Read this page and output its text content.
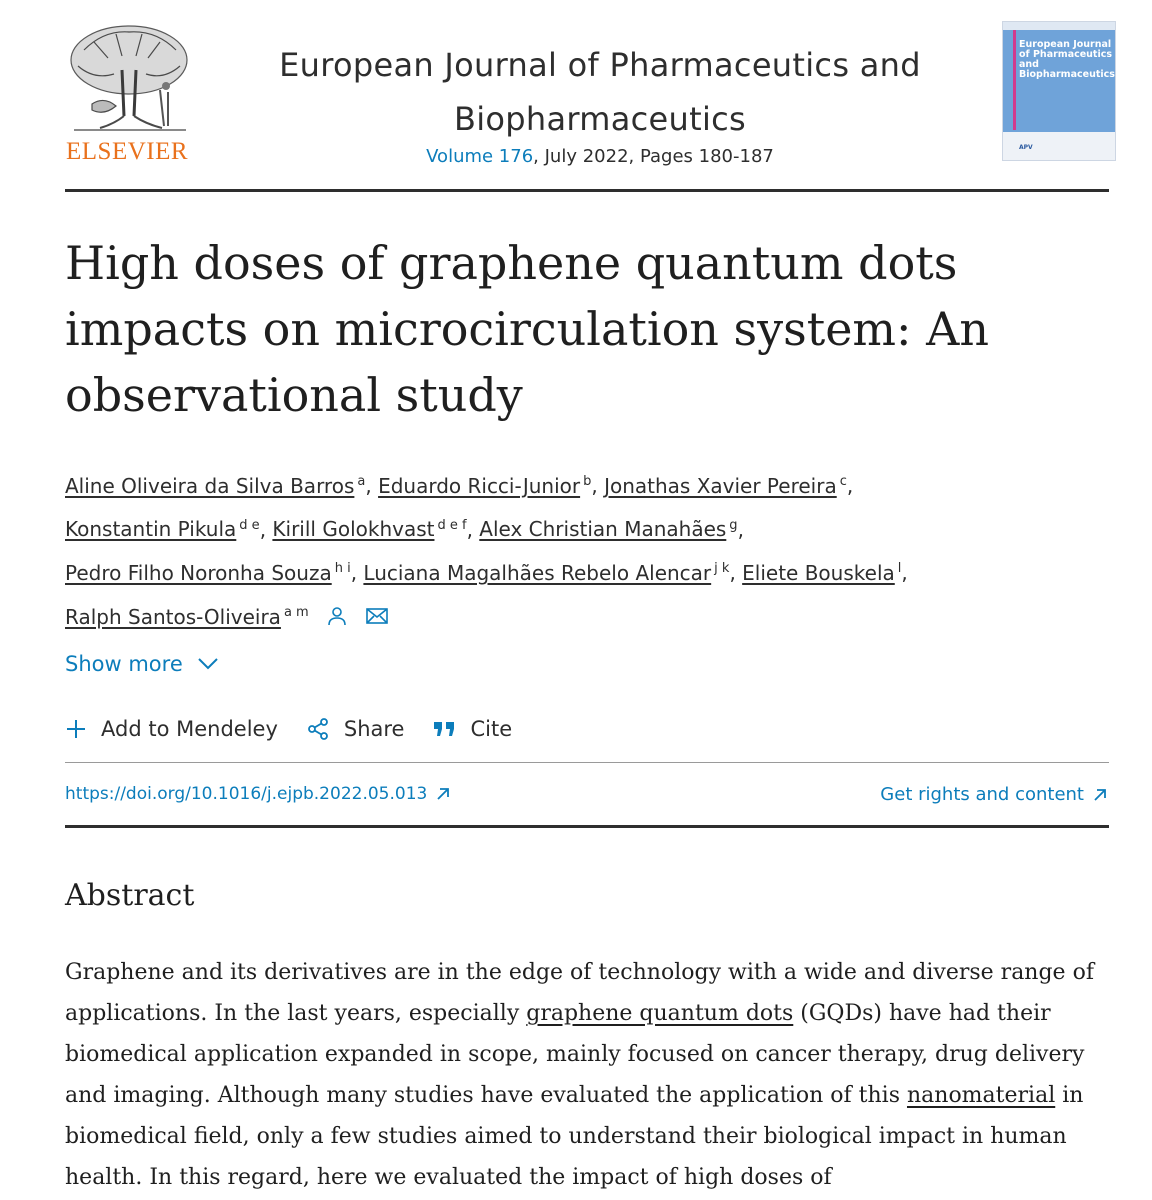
ELSEVIER
European Journal of Pharmaceutics and
Biopharmaceutics
Volume 176, July 2022, Pages 180-187
European Journal of Pharmaceutics and Biopharmaceutics
APV
High doses of graphene quantum dots impacts on microcirculation system: An observational study
Aline Oliveira da Silva Barros $^a$, Eduardo Ricci-Junior $^b$, Jonathas Xavier Pereira $^c$,
Konstantin Pikula $^{d e}$, Kirill Golokhvast $^{d e f}$, Alex Christian Manahães $^g$,
Pedro Filho Noronha Souza $^{h i}$, Luciana Magalhães Rebelo Alencar $^{j k}$, Eliete Bouskela $^l$,
Ralph Santos-Oliveira $^{a m}$
Show more
Add to Mendeley	Share	Cite
https://doi.org/10.1016/j.ejpb.2022.05.013	Get rights and content
Abstract

Graphene and its derivatives are in the edge of technology with a wide and diverse range of applications. In the last years, especially graphene quantum dots (GQDs) have had their biomedical application expanded in scope, mainly focused on cancer therapy, drug delivery and imaging. Although many studies have evaluated the application of this nanomaterial in biomedical field, only a few studies aimed to understand their biological impact in human health. In this regard, here we evaluated the impact of high doses of
